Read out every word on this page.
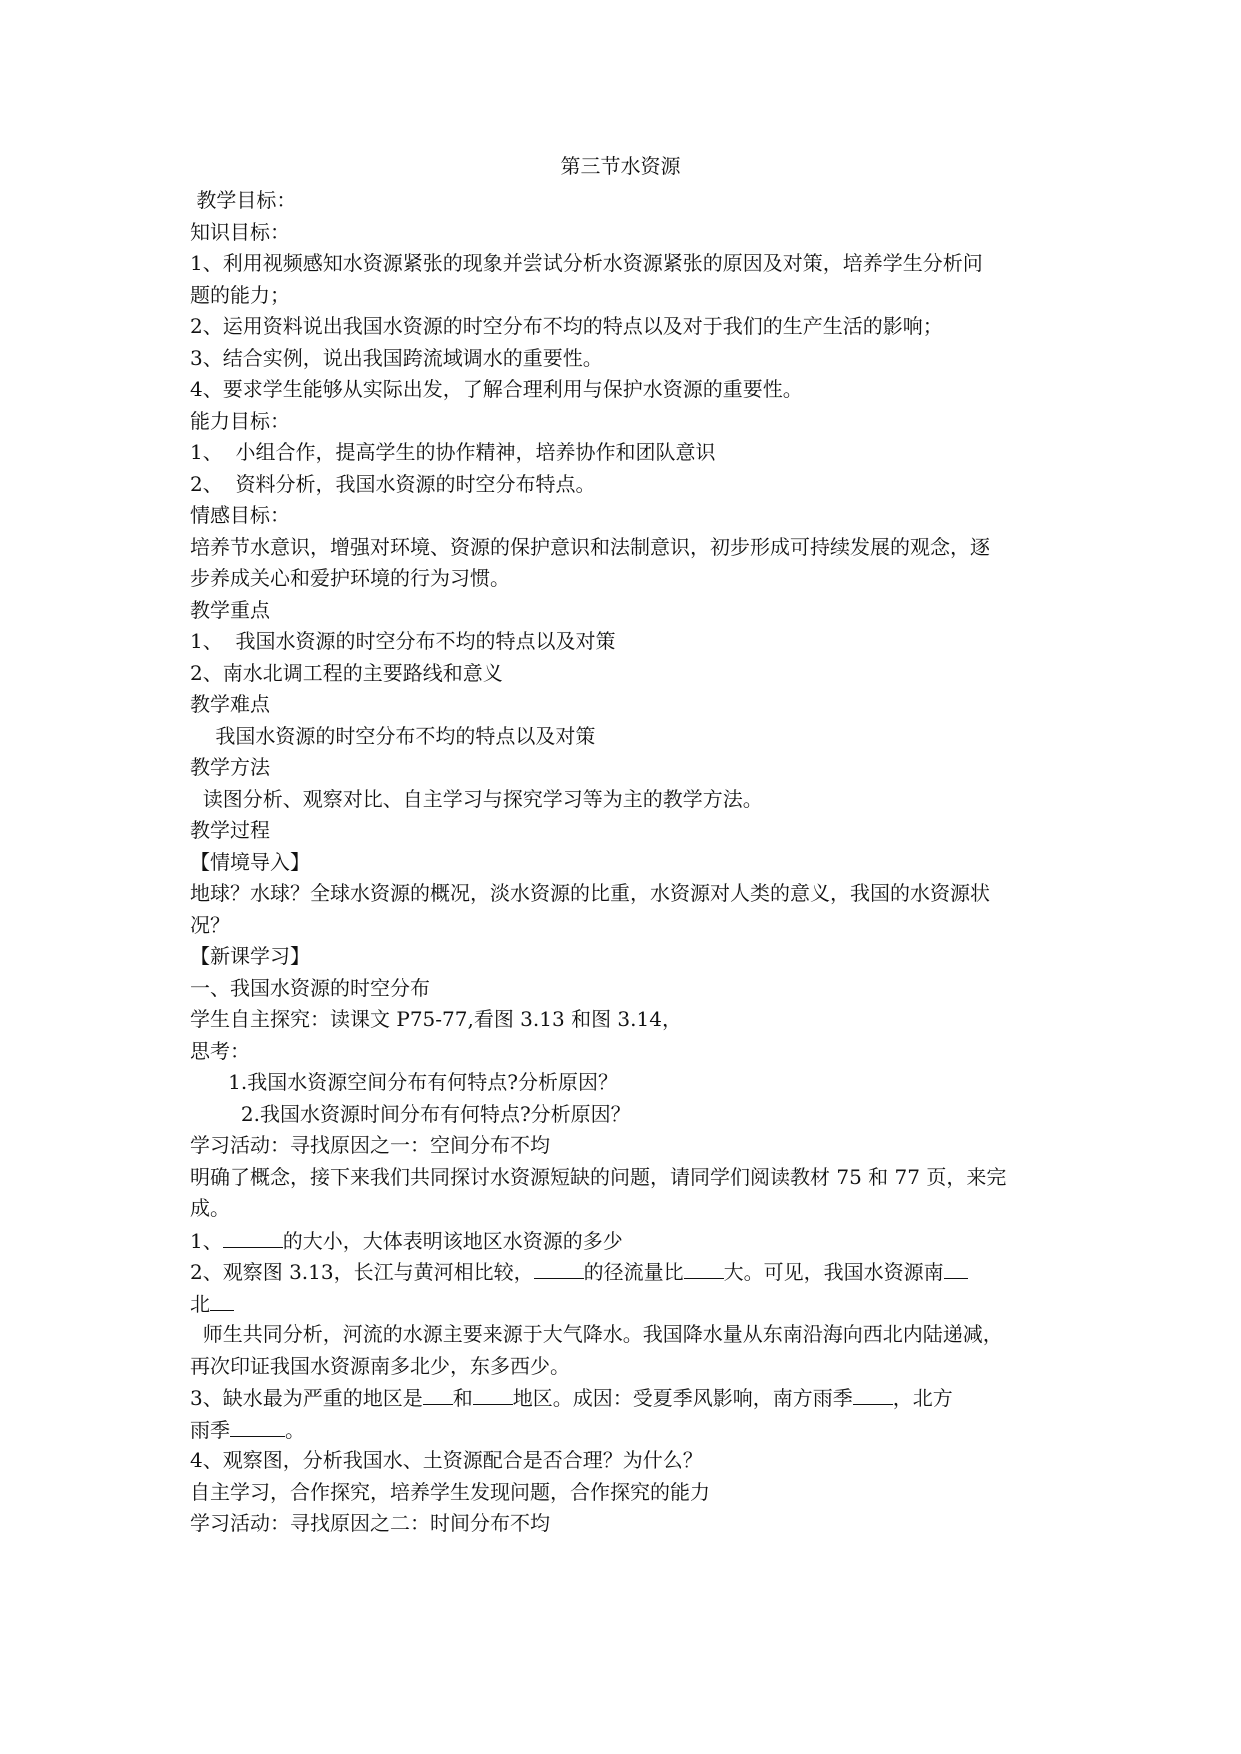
第三节水资源
教学目标：
知识目标：
1、利用视频感知水资源紧张的现象并尝试分析水资源紧张的原因及对策，培养学生分析问
题的能力；
2、运用资料说出我国水资源的时空分布不均的特点以及对于我们的生产生活的影响；
3、结合实例，说出我国跨流域调水的重要性。
4、要求学生能够从实际出发，了解合理利用与保护水资源的重要性。
能力目标：
1、  小组合作，提高学生的协作精神，培养协作和团队意识
2、  资料分析，我国水资源的时空分布特点。
情感目标：
培养节水意识，增强对环境、资源的保护意识和法制意识，初步形成可持续发展的观念，逐
步养成关心和爱护环境的行为习惯。
教学重点
1、  我国水资源的时空分布不均的特点以及对策
2、南水北调工程的主要路线和意义
教学难点
我国水资源的时空分布不均的特点以及对策
教学方法
读图分析、观察对比、自主学习与探究学习等为主的教学方法。
教学过程
【情境导入】
地球？水球？全球水资源的概况，淡水资源的比重，水资源对人类的意义，我国的水资源状
况？
【新课学习】
一、我国水资源的时空分布
学生自主探究：读课文 P75-77,看图 3.13 和图 3.14，
思考：
1.我国水资源空间分布有何特点?分析原因？
2.我国水资源时间分布有何特点?分析原因？
学习活动：寻找原因之一：空间分布不均
明确了概念，接下来我们共同探讨水资源短缺的问题，请同学们阅读教材 75 和 77 页，来完
成。
1、	的大小，大体表明该地区水资源的多少
2、观察图 3.13，长江与黄河相比较，	的径流量比 大。可见，我国水资源南
北
师生共同分析，河流的水源主要来源于大气降水。我国降水量从东南沿海向西北内陆递减，
再次印证我国水资源南多北少，东多西少。
3、缺水最为严重的地区是 和 地区。成因：受夏季风影响，南方雨季 ，北方
雨季	。
4、观察图，分析我国水、土资源配合是否合理？为什么？
自主学习，合作探究，培养学生发现问题，合作探究的能力
学习活动：寻找原因之二：时间分布不均
